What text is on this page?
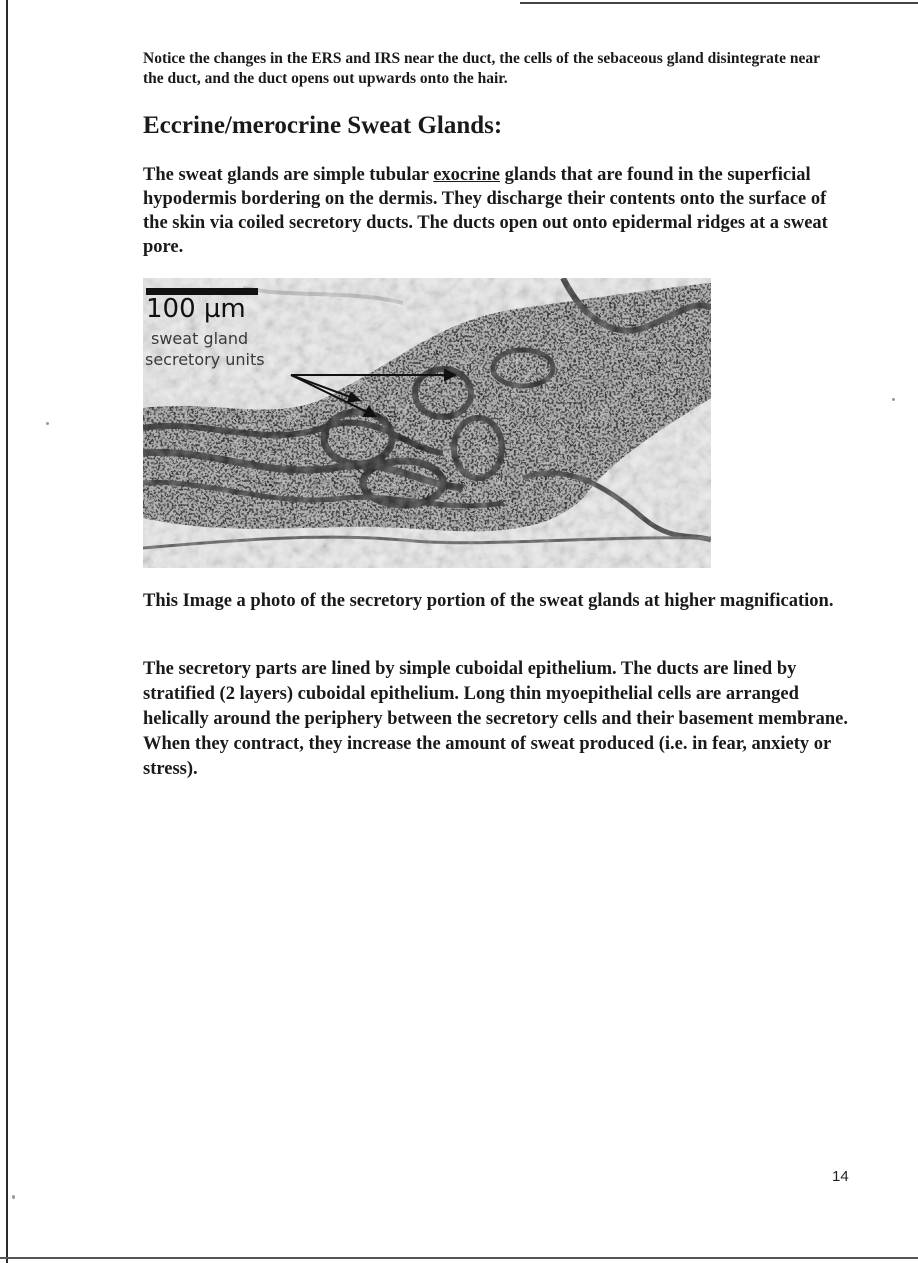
Notice the changes in the ERS and IRS near the duct, the cells of the sebaceous gland disintegrate near the duct, and the duct opens out upwards onto the hair.

Eccrine/merocrine Sweat Glands:

The sweat glands are simple tubular exocrine glands that are found in the superficial hypodermis bordering on the dermis. They discharge their contents onto the surface of the skin via coiled secretory ducts. The ducts open out onto epidermal ridges at a sweat pore.

100 µm
sweat gland
secretory units

This Image a photo of the secretory portion of the sweat glands at higher magnification.

The secretory parts are lined by simple cuboidal epithelium. The ducts are lined by stratified (2 layers) cuboidal epithelium. Long thin myoepithelial cells are arranged helically around the periphery between the secretory cells and their basement membrane. When they contract, they increase the amount of sweat produced (i.e. in fear, anxiety or stress).

14
